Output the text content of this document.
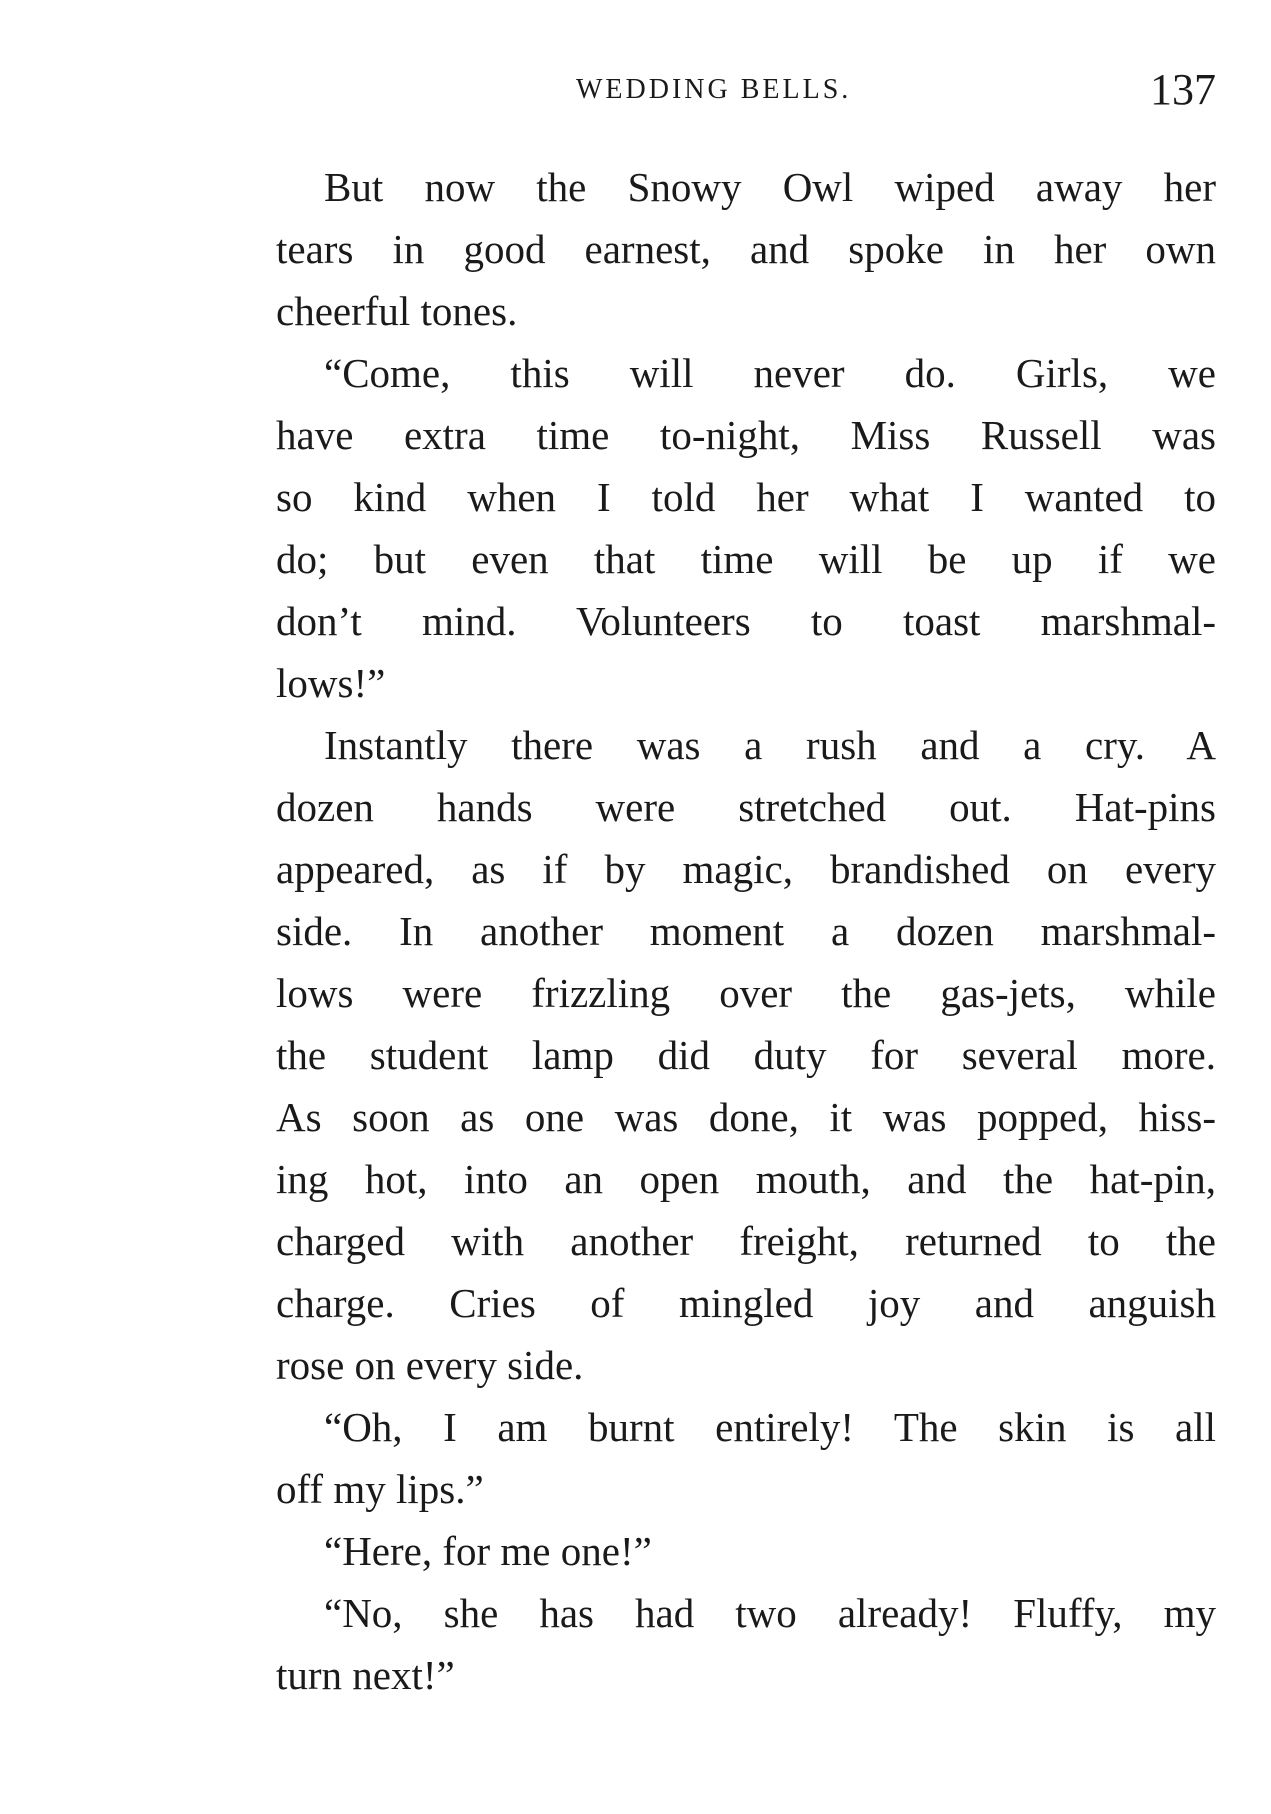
WEDDING BELLS.	137
But now the Snowy Owl wiped away her
tears in good earnest, and spoke in her own
cheerful tones.
“Come, this will never do. Girls, we
have extra time to-night, Miss Russell was
so kind when I told her what I wanted to
do; but even that time will be up if we
don’t mind. Volunteers to toast marshmal-
lows!”
Instantly there was a rush and a cry. A
dozen hands were stretched out. Hat-pins
appeared, as if by magic, brandished on every
side. In another moment a dozen marshmal-
lows were frizzling over the gas-jets, while
the student lamp did duty for several more.
As soon as one was done, it was popped, hiss-
ing hot, into an open mouth, and the hat-pin,
charged with another freight, returned to the
charge. Cries of mingled joy and anguish
rose on every side.
“Oh, I am burnt entirely! The skin is all
off my lips.”
“Here, for me one!”
“No, she has had two already! Fluffy, my
turn next!”
